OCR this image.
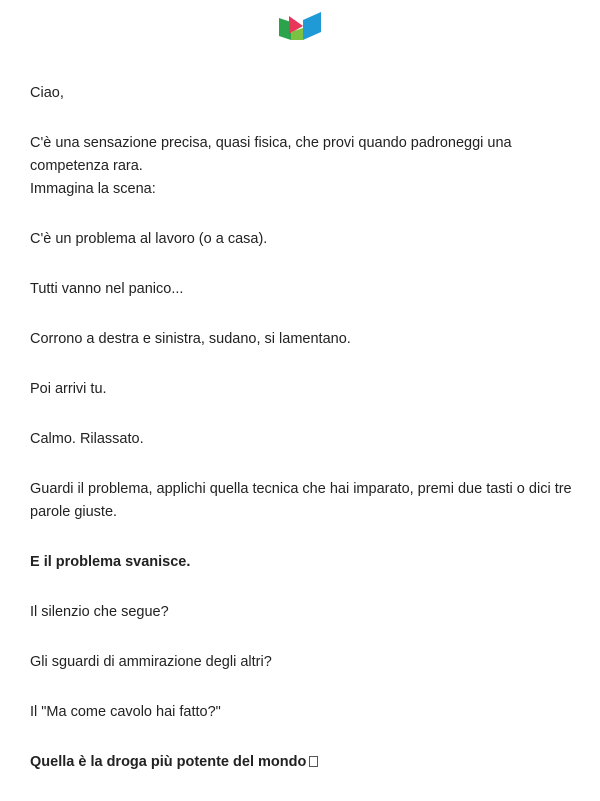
Ciao,

C'è una sensazione precisa, quasi fisica, che provi quando padroneggi una competenza rara.
Immagina la scena:

C'è un problema al lavoro (o a casa).

Tutti vanno nel panico...

Corrono a destra e sinistra, sudano, si lamentano.

Poi arrivi tu.

Calmo. Rilassato.

Guardi il problema, applichi quella tecnica che hai imparato, premi due tasti o dici tre parole giuste.

E il problema svanisce.

Il silenzio che segue?

Gli sguardi di ammirazione degli altri?

Il "Ma come cavolo hai fatto?"

Quella è la droga più potente del mondo
